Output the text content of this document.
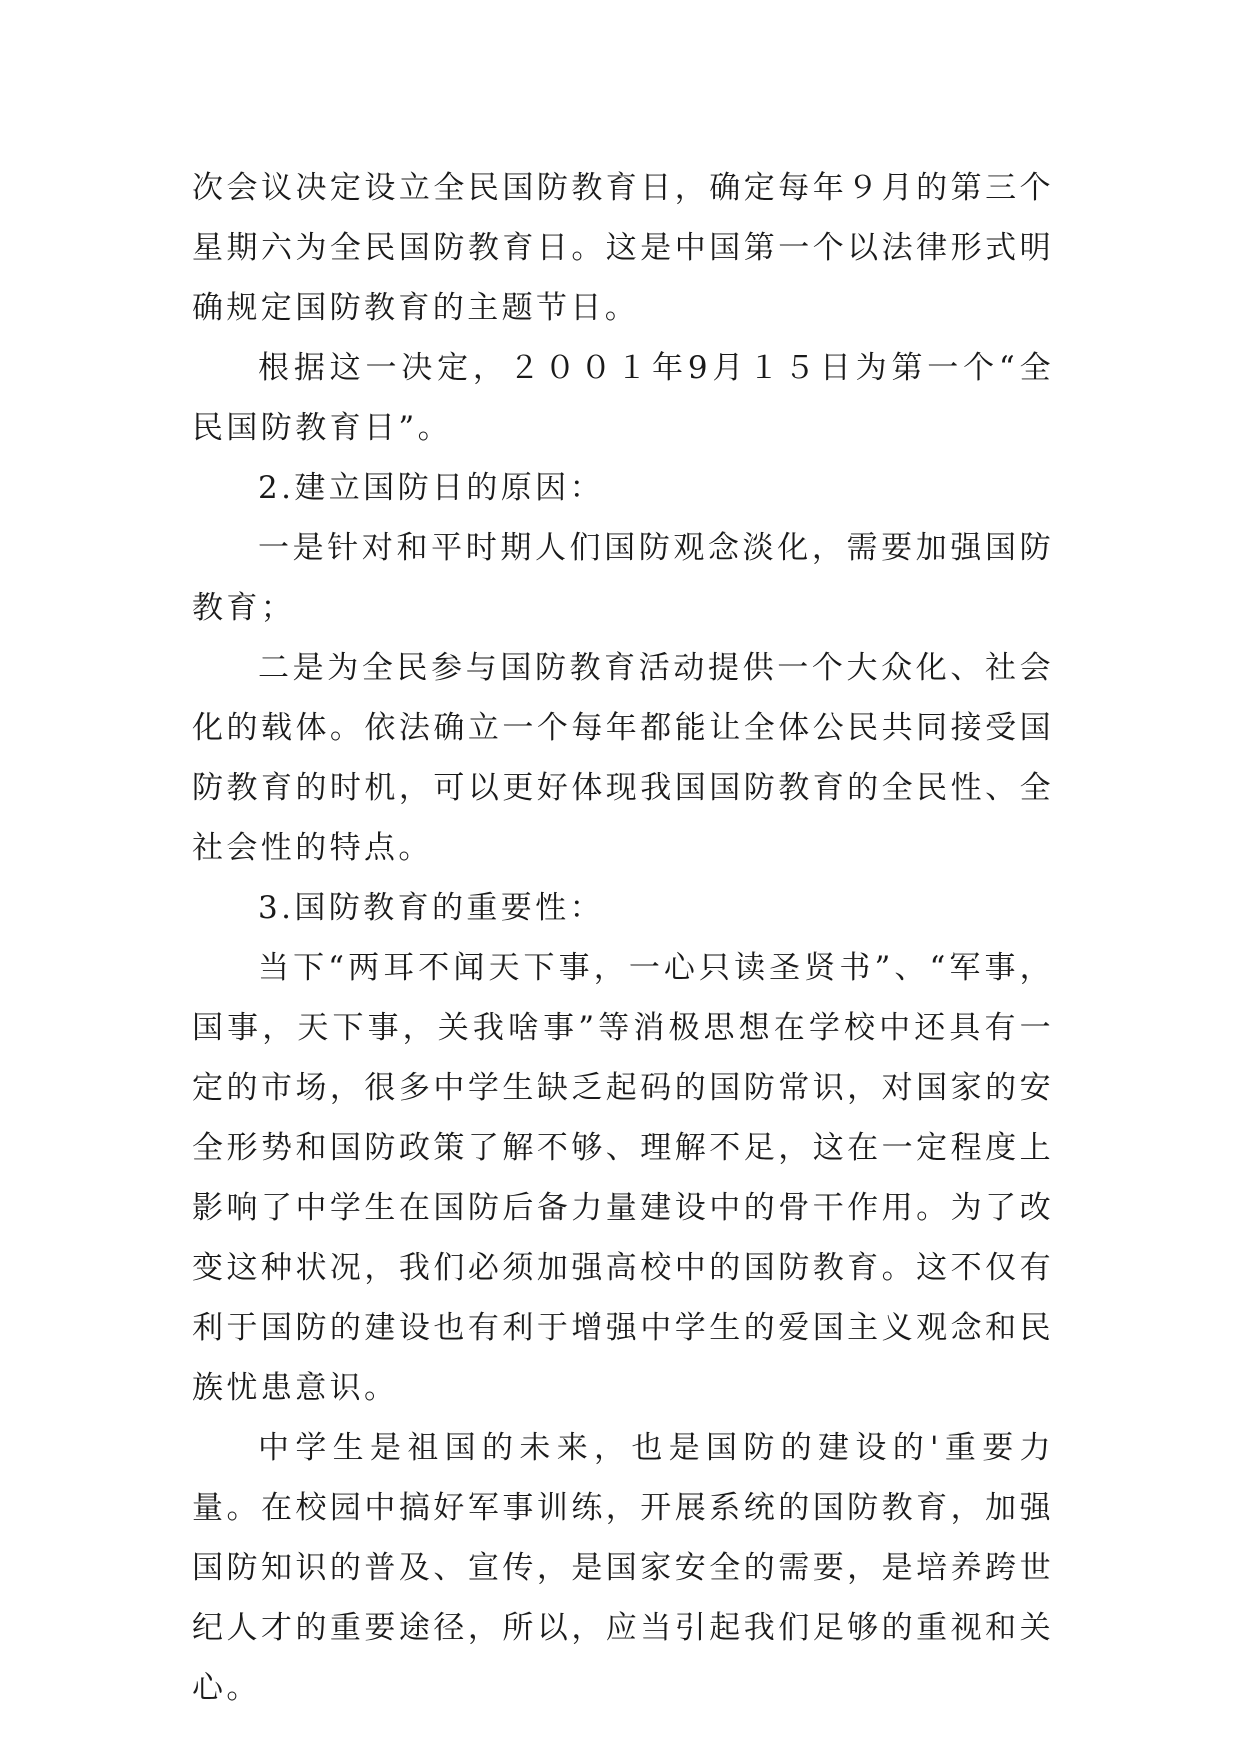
次会议决定设立全民国防教育日，确定每年９月的第三个星期六为全民国防教育日。这是中国第一个以法律形式明确规定国防教育的主题节日。

根据这一决定，２００１年9月１５日为第一个“全民国防教育日”。

2.建立国防日的原因：

一是针对和平时期人们国防观念淡化，需要加强国防教育；

二是为全民参与国防教育活动提供一个大众化、社会化的载体。依法确立一个每年都能让全体公民共同接受国防教育的时机，可以更好体现我国国防教育的全民性、全社会性的特点。

3.国防教育的重要性：

当下“两耳不闻天下事，一心只读圣贤书”、“军事，国事，天下事，关我啥事”等消极思想在学校中还具有一定的市场，很多中学生缺乏起码的国防常识，对国家的安全形势和国防政策了解不够、理解不足，这在一定程度上影响了中学生在国防后备力量建设中的骨干作用。为了改变这种状况，我们必须加强高校中的国防教育。这不仅有利于国防的建设也有利于增强中学生的爱国主义观念和民族忧患意识。

中学生是祖国的未来，也是国防的建设的'重要力量。在校园中搞好军事训练，开展系统的国防教育，加强国防知识的普及、宣传，是国家安全的需要，是培养跨世纪人才的重要途径，所以，应当引起我们足够的重视和关心。
